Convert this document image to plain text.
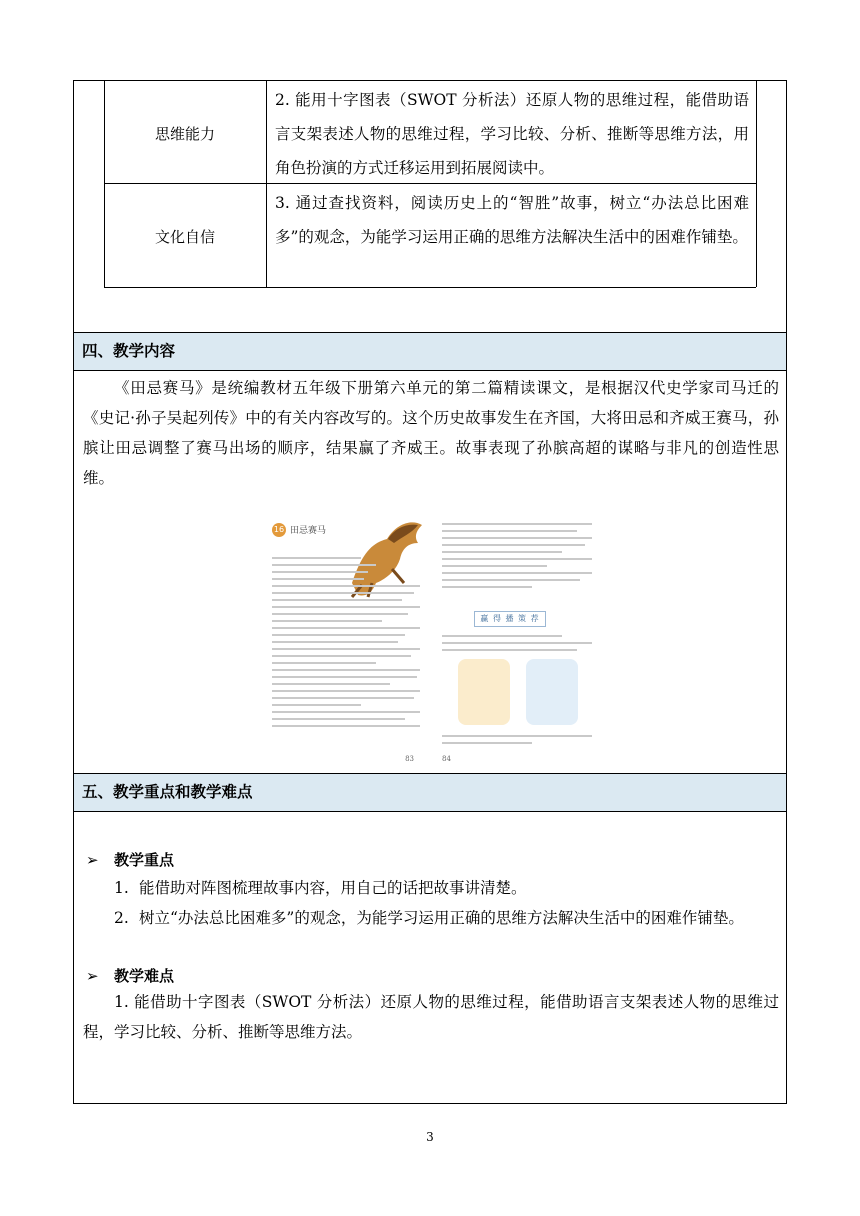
思维能力
2. 能用十字图表（SWOT 分析法）还原人物的思维过程，能借助语言支架表述人物的思维过程，学习比较、分析、推断等思维方法，用角色扮演的方式迁移运用到拓展阅读中。
文化自信
3. 通过查找资料，阅读历史上的“智胜”故事，树立“办法总比困难多”的观念，为能学习运用正确的思维方法解决生活中的困难作铺垫。
四、教学内容
《田忌赛马》是统编教材五年级下册第六单元的第二篇精读课文，是根据汉代史学家司马迁的《史记·孙子吴起列传》中的有关内容改写的。这个历史故事发生在齐国，大将田忌和齐威王赛马，孙膑让田忌调整了赛马出场的顺序，结果赢了齐威王。故事表现了孙膑高超的谋略与非凡的创造性思维。
16 田忌赛马
83
赢 得 播 策 荐
84
五、教学重点和教学难点
➢ 教学重点
1. 能借助对阵图梳理故事内容，用自己的话把故事讲清楚。
2. 树立“办法总比困难多”的观念，为能学习运用正确的思维方法解决生活中的困难作铺垫。
➢ 教学难点
1. 能借助十字图表（SWOT 分析法）还原人物的思维过程，能借助语言支架表述人物的思维过程，学习比较、分析、推断等思维方法。
3
